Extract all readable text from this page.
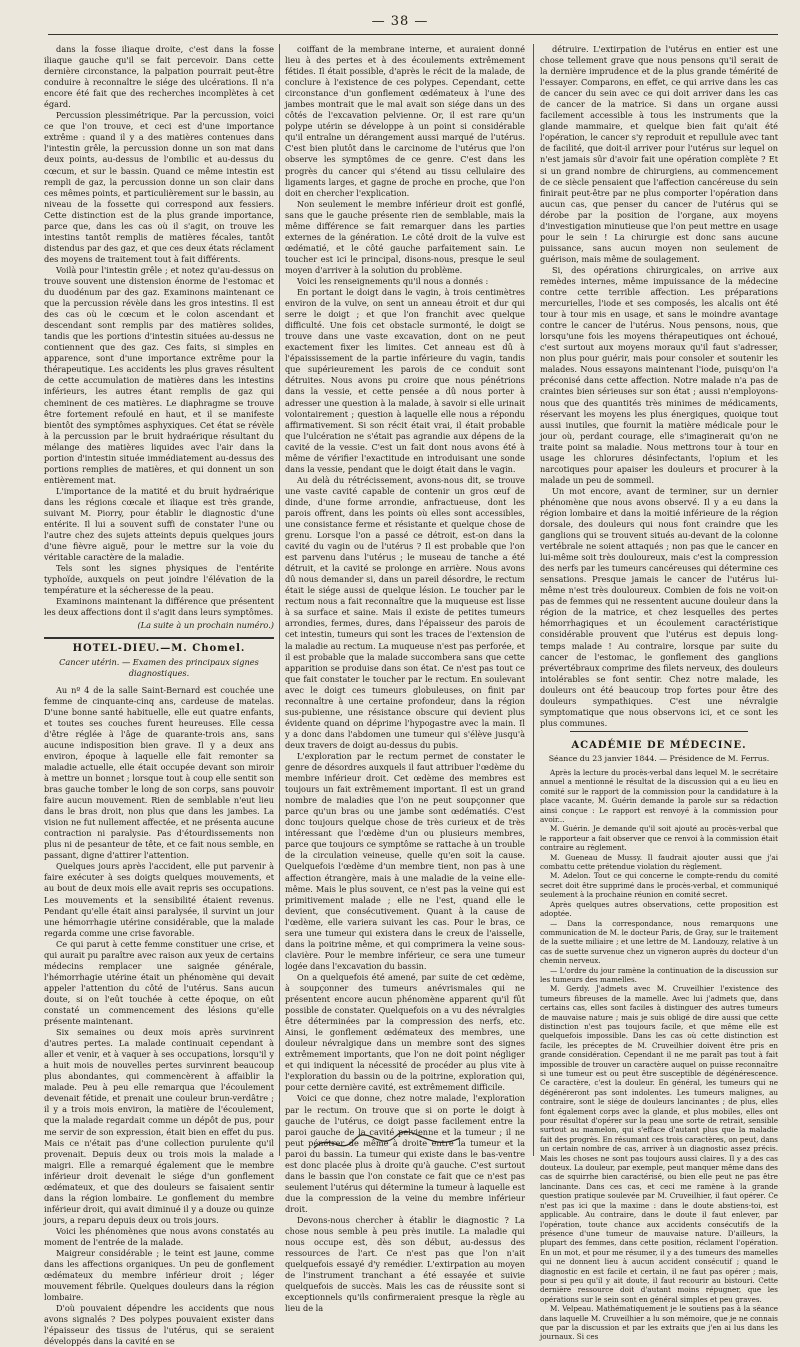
— 38 —

dans la fosse iliaque droite, c'est dans la fosse iliaque gauche qu'il se fait percevoir. Dans cette dernière circonstance, la palpation pourrait peut-être conduire à reconnaître le siége des ulcérations. Il n'a encore été fait que des recherches incomplètes à cet égard.

Percussion plessimétrique. Par la percussion, voici ce que l'on trouve, et ceci est d'une importance extrême : quand il y a des matières contenues dans l'intestin grêle, la percussion donne un son mat dans deux points, au-dessus de l'ombilic et au-dessus du cœcum, et sur le bassin. Quand ce même intestin est rempli de gaz, la percussion donne un son clair dans ces mêmes points, et particulièrement sur le bassin, au niveau de la fossette qui correspond aux fessiers. Cette distinction est de la plus grande importance, parce que, dans les cas où il s'agit, on trouve les intestins tantôt remplis de matières fécales, tantôt distendus par des gaz, et que ces deux états réclament des moyens de traitement tout à fait différents.

Voilà pour l'intestin grêle ; et notez qu'au-dessus on trouve souvent une distension énorme de l'estomac et du duodénum par des gaz. Examinons maintenant ce que la percussion révèle dans les gros intestins. Il est des cas où le cœcum et le colon ascendant et descendant sont remplis par des matières solides, tandis que les portions d'intestin situées au-dessus ne contiennent que des gaz. Ces faits, si simples en apparence, sont d'une importance extrême pour la thérapeutique. Les accidents les plus graves résultent de cette accumulation de matières dans les intestins inférieurs, les autres étant remplis de gaz qui cheminent de ces matières. Le diaphragme se trouve être fortement refoulé en haut, et il se manifeste bientôt des symptômes asphyxiques. Cet état se révèle à la percussion par le bruit hydraérique résultant du mélange des matières liquides avec l'air dans la portion d'intestin située immédiatement au-dessus des portions remplies de matières, et qui donnent un son entièrement mat.

L'importance de la matité et du bruit hydraérique dans les régions cœcale et iliaque est très grande, suivant M. Piorry, pour établir le diagnostic d'une entérite. Il lui a souvent suffi de constater l'une ou l'autre chez des sujets atteints depuis quelques jours d'une fièvre aiguë, pour le mettre sur la voie du véritable caractère de la maladie.

Tels sont les signes physiques de l'entérite typhoïde, auxquels on peut joindre l'élévation de la température et la sécheresse de la peau.

Examinons maintenant la différence que présentent les deux affections dont il s'agit dans leurs symptômes.

(La suite à un prochain numéro.)
HOTEL-DIEU.—M. Chomel.
Cancer utérin. — Examen des principaux signes diagnostiques.

Au nº 4 de la salle Saint-Bernard est couchée une femme de cinquante-cinq ans, cardeuse de matelas. D'une bonne santé habituelle, elle eut quatre enfants, et toutes ses couches furent heureuses. Elle cessa d'être réglée à l'âge de quarante-trois ans, sans aucune indisposition bien grave. Il y a deux ans environ, époque à laquelle elle fait remonter sa maladie actuelle, elle était occupée devant son miroir à mettre un bonnet ; lorsque tout à coup elle sentit son bras gauche tomber le long de son corps, sans pouvoir faire aucun mouvement. Rien de semblable n'eut lieu dans le bras droit, non plus que dans les jambes. La vision ne fut nullement affectée, et ne présenta aucune contraction ni paralysie. Pas d'étourdissements non plus ni de pesanteur de tête, et ce fait nous semble, en passant, digne d'attirer l'attention.

Quelques jours après l'accident, elle put parvenir à faire exécuter à ses doigts quelques mouvements, et au bout de deux mois elle avait repris ses occupations. Les mouvements et la sensibilité étaient revenus. Pendant qu'elle était ainsi paralysée, il survint un jour une hémorrhagie utérine considérable, que la malade regarda comme une crise favorable.

Ce qui parut à cette femme constituer une crise, et qui aurait pu paraître avec raison aux yeux de certains médecins remplacer une saignée générale, l'hémorrhagie utérine était un phénomène qui devait appeler l'attention du côté de l'utérus. Sans aucun doute, si on l'eût touchée à cette époque, on eût constaté un commencement des lésions qu'elle présente maintenant.

Six semaines ou deux mois après survinrent d'autres pertes. La malade continuait cependant à aller et venir, et à vaquer à ses occupations, lorsqu'il y a huit mois de nouvelles pertes survinrent beaucoup plus abondantes, qui commencèrent à affaiblir la malade. Peu à peu elle remarqua que l'écoulement devenait fétide, et prenait une couleur brun-verdâtre ; il y a trois mois environ, la matière de l'écoulement, que la malade regardait comme un dépôt de pus, pour me servir de son expression, était bien en effet du pus. Mais ce n'était pas d'une collection purulente qu'il provenait. Depuis deux ou trois mois la malade a maigri. Elle a remarqué également que le membre inférieur droit devenait le siége d'un gonflement œdémateux, et que des douleurs se faisaient sentir dans la région lombaire. Le gonflement du membre inférieur droit, qui avait diminué il y a douze ou quinze jours, a reparu depuis deux ou trois jours.

Voici les phénomènes que nous avons constatés au moment de l'entrée de la malade.

Maigreur considérable ; le teint est jaune, comme dans les affections organiques. Un peu de gonflement œdémateux du membre inférieur droit ; léger mouvement fébrile. Quelques douleurs dans la région lombaire.

D'où pouvaient dépendre les accidents que nous avons signalés ? Des polypes pouvaient exister dans l'épaisseur des tissus de l'utérus, qui se seraient développés dans la cavité en se

coiffant de la membrane interne, et auraient donné lieu à des pertes et à des écoulements extrêmement fétides. Il était possible, d'après le récit de la malade, de conclure à l'existence de ces polypes. Cependant, cette circonstance d'un gonflement œdémateux à l'une des jambes montrait que le mal avait son siége dans un des côtés de l'excavation pelvienne. Or, il est rare qu'un polype utérin se développe à un point si considérable qu'il entraîne un dérangement aussi marqué de l'utérus. C'est bien plutôt dans le carcinome de l'utérus que l'on observe les symptômes de ce genre. C'est dans les progrès du cancer qui s'étend au tissu cellulaire des ligaments larges, et gagne de proche en proche, que l'on doit en chercher l'explication.

Non seulement le membre inférieur droit est gonflé, sans que le gauche présente rien de semblable, mais la même différence se fait remarquer dans les parties externes de la génération. Le côté droit de la vulve est œdématié, et le côté gauche parfaitement sain. Le toucher est ici le principal, disons-nous, presque le seul moyen d'arriver à la solution du problème.

Voici les renseignements qu'il nous a donnés :

En portant le doigt dans le vagin, à trois centimètres environ de la vulve, on sent un anneau étroit et dur qui serre le doigt ; et que l'on franchit avec quelque difficulté. Une fois cet obstacle surmonté, le doigt se trouve dans une vaste excavation, dont on ne peut exactement fixer les limites. Cet anneau est dû à l'épaississement de la partie inférieure du vagin, tandis que supérieurement les parois de ce conduit sont détruites. Nous avons pu croire que nous pénétrions dans la vessie, et cette pensée a dû nous porter à adresser une question à la malade, à savoir si elle urinait volontairement ; question à laquelle elle nous a répondu affirmativement. Si son récit était vrai, il était probable que l'ulcération ne s'était pas agrandie aux dépens de la cavité de la vessie. C'est un fait dont nous avons été à même de vérifier l'exactitude en introduisant une sonde dans la vessie, pendant que le doigt était dans le vagin.

Au delà du rétrécissement, avons-nous dit, se trouve une vaste cavité capable de contenir un gros œuf de dinde, d'une forme arrondie, anfractueuse, dont les parois offrent, dans les points où elles sont accessibles, une consistance ferme et résistante et quelque chose de grenu. Lorsque l'on a passé ce détroit, est-on dans la cavité du vagin ou de l'utérus ? Il est probable que l'on est parvenu dans l'utérus ; le museau de tanche a été détruit, et la cavité se prolonge en arrière. Nous avons dû nous demander si, dans un pareil désordre, le rectum était le siége aussi de quelque lésion. Le toucher par le rectum nous a fait reconnaître que la muqueuse est lisse à sa surface et saine. Mais il existe de petites tumeurs arrondies, fermes, dures, dans l'épaisseur des parois de cet intestin, tumeurs qui sont les traces de l'extension de la maladie au rectum. La muqueuse n'est pas perforée, et il est probable que la malade succombera sans que cette apparition se produise dans son état. Ce n'est pas tout ce que fait constater le toucher par le rectum. En soulevant avec le doigt ces tumeurs globuleuses, on finit par reconnaître à une certaine profondeur, dans la région sus-pubienne, une résistance obscure qui devient plus évidente quand on déprime l'hypogastre avec la main. Il y a donc dans l'abdomen une tumeur qui s'élève jusqu'à deux travers de doigt au-dessus du pubis.

L'exploration par le rectum permet de constater le genre de désordres auxquels il faut attribuer l'œdème du membre inférieur droit. Cet œdème des membres est toujours un fait extrêmement important. Il est un grand nombre de maladies que l'on ne peut soupçonner que parce qu'un bras ou une jambe sont œdématiés. C'est donc toujours quelque chose de très curieux et de très intéressant que l'œdème d'un ou plusieurs membres, parce que toujours ce symptôme se rattache à un trouble de la circulation veineuse, quelle qu'en soit la cause. Quelquefois l'œdème d'un membre tient, non pas à une affection étrangère, mais à une maladie de la veine elle-même. Mais le plus souvent, ce n'est pas la veine qui est primitivement malade ; elle ne l'est, quand elle le devient, que consécutivement. Quant à la cause de l'œdème, elle variera suivant les cas. Pour le bras, ce sera une tumeur qui existera dans le creux de l'aisselle, dans la poitrine même, et qui comprimera la veine sous-clavière. Pour le membre inférieur, ce sera une tumeur logée dans l'excavation du bassin.

On a quelquefois été amené, par suite de cet œdème, à soupçonner des tumeurs anévrismales qui ne présentent encore aucun phénomène apparent qu'il fût possible de constater. Quelquefois on a vu des névralgies être déterminées par la compression des nerfs, etc. Ainsi, le gonflement œdémateux des membres, une douleur névralgique dans un membre sont des signes extrêmement importants, que l'on ne doit point négliger et qui indiquent la nécessité de procéder au plus vite à l'exploration du bassin ou de la poitrine, exploration qui, pour cette dernière cavité, est extrêmement difficile.

Voici ce que donne, chez notre malade, l'exploration par le rectum. On trouve que si on porte le doigt à gauche de l'utérus, ce doigt passe facilement entre la paroi gauche de la cavité pelvienne et la tumeur ; il ne peut pénétrer de même à droite entre la tumeur et la paroi du bassin. La tumeur qui existe dans le bas-ventre est donc placée plus à droite qu'à gauche. C'est surtout dans le bassin que l'on constate ce fait que ce n'est pas seulement l'utérus qui détermine la tumeur à laquelle est due la compression de la veine du membre inférieur droit.

Devons-nous chercher à établir le diagnostic ? La chose nous semble à peu près inutile. La maladie qui nous occupe est, dès son début, au-dessus des ressources de l'art. Ce n'est pas que l'on n'ait quelquefois essayé d'y remédier. L'extirpation au moyen de l'instrument tranchant a été essayée et suivie quelquefois de succès. Mais les cas de réussite sont si exceptionnels qu'ils confirmeraient presque la règle au lieu de la

détruire. L'extirpation de l'utérus en entier est une chose tellement grave que nous pensons qu'il serait de la dernière imprudence et de la plus grande témérité de l'essayer. Comparons, en effet, ce qui arrive dans les cas de cancer du sein avec ce qui doit arriver dans les cas de cancer de la matrice. Si dans un organe aussi facilement accessible à tous les instruments que la glande mammaire, et quelque bien fait qu'ait été l'opération, le cancer s'y reproduit et repullule avec tant de facilité, que doit-il arriver pour l'utérus sur lequel on n'est jamais sûr d'avoir fait une opération complète ? Et si un grand nombre de chirurgiens, au commencement de ce siècle pensaient que l'affection cancéreuse du sein finirait peut-être par ne plus comporter l'opération dans aucun cas, que penser du cancer de l'utérus qui se dérobe par la position de l'organe, aux moyens d'investigation minutieuse que l'on peut mettre en usage pour le sein ! La chirurgie est donc sans aucune puissance, sans aucun moyen non seulement de guérison, mais même de soulagement.

Si, des opérations chirurgicales, on arrive aux remèdes internes, même impuissance de la médecine contre cette terrible affection. Les préparations mercurielles, l'iode et ses composés, les alcalis ont été tour à tour mis en usage, et sans le moindre avantage contre le cancer de l'utérus. Nous pensons, nous, que lorsqu'une fois les moyens thérapeutiques ont échoué, c'est surtout aux moyens moraux qu'il faut s'adresser, non plus pour guérir, mais pour consoler et soutenir les malades. Nous essayons maintenant l'iode, puisqu'on l'a préconisé dans cette affection. Notre malade n'a pas de craintes bien sérieuses sur son état ; aussi n'employons-nous que des quantités très minimes de médicaments, réservant les moyens les plus énergiques, quoique tout aussi inutiles, que fournit la matière médicale pour le jour où, perdant courage, elle s'imaginerait qu'on ne traite point sa maladie. Nous mettrons tour à tour en usage les chlorures désinfectants, l'opium et les narcotiques pour apaiser les douleurs et procurer à la malade un peu de sommeil.

Un mot encore, avant de terminer, sur un dernier phénomène que nous avons observé. Il y a eu dans la région lombaire et dans la moitié inférieure de la région dorsale, des douleurs qui nous font craindre que les ganglions qui se trouvent situés au-devant de la colonne vertébrale ne soient attaqués ; non pas que le cancer en lui-même soit très douloureux, mais c'est la compression des nerfs par les tumeurs cancéreuses qui détermine ces sensations. Presque jamais le cancer de l'utérus lui-même n'est très douloureux. Combien de fois ne voit-on pas de femmes qui ne ressentent aucune douleur dans la région de la matrice, et chez lesquelles des pertes hémorrhagiques et un écoulement caractéristique considérable prouvent que l'utérus est depuis long-temps malade ! Au contraire, lorsque par suite du cancer de l'estomac, le gonflement des ganglions prévertébraux comprime des filets nerveux, des douleurs intolérables se font sentir. Chez notre malade, les douleurs ont été beaucoup trop fortes pour être des douleurs sympathiques. C'est une névralgie symptomatique que nous observons ici, et ce sont les plus communes.

ACADÉMIE DE MÉDECINE.
Séance du 23 janvier 1844. — Présidence de M. Ferrus.

Après la lecture du procès-verbal dans lequel M. le secrétaire annuel a mentionné le résultat de la discussion qui a eu lieu en comité sur le rapport de la commission pour la candidature à la place vacante, M. Guérin demande la parole sur sa rédaction ainsi conçue : Le rapport est renvoyé à la commission pour avoir...

M. Guérin. Je demande qu'il soit ajouté au procès-verbal que le rapporteur a fait observer que ce renvoi à la commission était contraire au règlement.

M. Gueneau de Mussy. Il faudrait ajouter aussi que j'ai combattu cette prétendue violation du règlement.

M. Adelon. Tout ce qui concerne le compte-rendu du comité secret doit être supprimé dans le procès-verbal, et communiqué seulement à la prochaine réunion en comité secret.

Après quelques autres observations, cette proposition est adoptée.

— Dans la correspondance, nous remarquons une communication de M. le docteur Paris, de Gray, sur le traitement de la suette miliaire ; et une lettre de M. Landouzy, relative à un cas de suette survenue chez un vigneron auprès du docteur d'un chemin nerveux.

— L'ordre du jour ramène la continuation de la discussion sur les tumeurs des mamelles.

M. Gerdy. J'admets avec M. Cruveilhier l'existence des tumeurs fibreuses de la mamelle. Avec lui j'admets que, dans certains cas, elles sont faciles à distinguer des autres tumeurs de mauvaise nature ; mais je suis obligé de dire aussi que cette distinction n'est pas toujours facile, et que même elle est quelquefois impossible. Dans les cas où cette distinction est facile, les préceptes de M. Cruveilhier doivent être pris en grande considération. Cependant il ne me paraît pas tout à fait impossible de trouver un caractère auquel on puisse reconnaître si une tumeur est ou peut être susceptible de dégénérescence. Ce caractère, c'est la douleur. En général, les tumeurs qui ne dégénéreront pas sont indolentes. Les tumeurs malignes, au contraire, sont le siége de douleurs lancinantes ; de plus, elles font également corps avec la glande, et plus mobiles, elles ont pour résultat d'opérer sur la peau une sorte de retrait, sensible surtout au mamelon, qui s'efface d'autant plus que la maladie fait des progrès. En résumant ces trois caractères, on peut, dans un certain nombre de cas, arriver à un diagnostic assez précis. Mais les choses ne sont pas toujours aussi claires. Il y a des cas douteux. La douleur, par exemple, peut manquer même dans des cas de squirrhe bien caractérisé, ou bien elle peut ne pas être lancinante. Dans ces cas, et ceci me ramène à la grande question pratique soulevée par M. Cruveilhier, il faut opérer. Ce n'est pas ici que la maxime : dans le doute abstiens-toi, est applicable. Au contraire, dans le doute il faut enlever, par l'opération, toute chance aux accidents consécutifs de la présence d'une tumeur de mauvaise nature. D'ailleurs, la plupart des femmes, dans cette position, réclament l'opération. En un mot, et pour me résumer, il y a des tumeurs des mamelles qui ne donnent lieu à aucun accident consécutif ; quand le diagnostic en est facile et certain, il ne faut pas opérer ; mais, pour si peu qu'il y ait doute, il faut recourir au bistouri. Cette dernière ressource doit d'autant moins répugner, que les opérations sur le sein sont en général simples et peu graves.

M. Velpeau. Mathématiquement je le soutiens pas à la séance dans laquelle M. Cruveilhier a lu son mémoire, que je ne connais que par la discussion et par les extraits que j'en ai lus dans les journaux. Si ces
